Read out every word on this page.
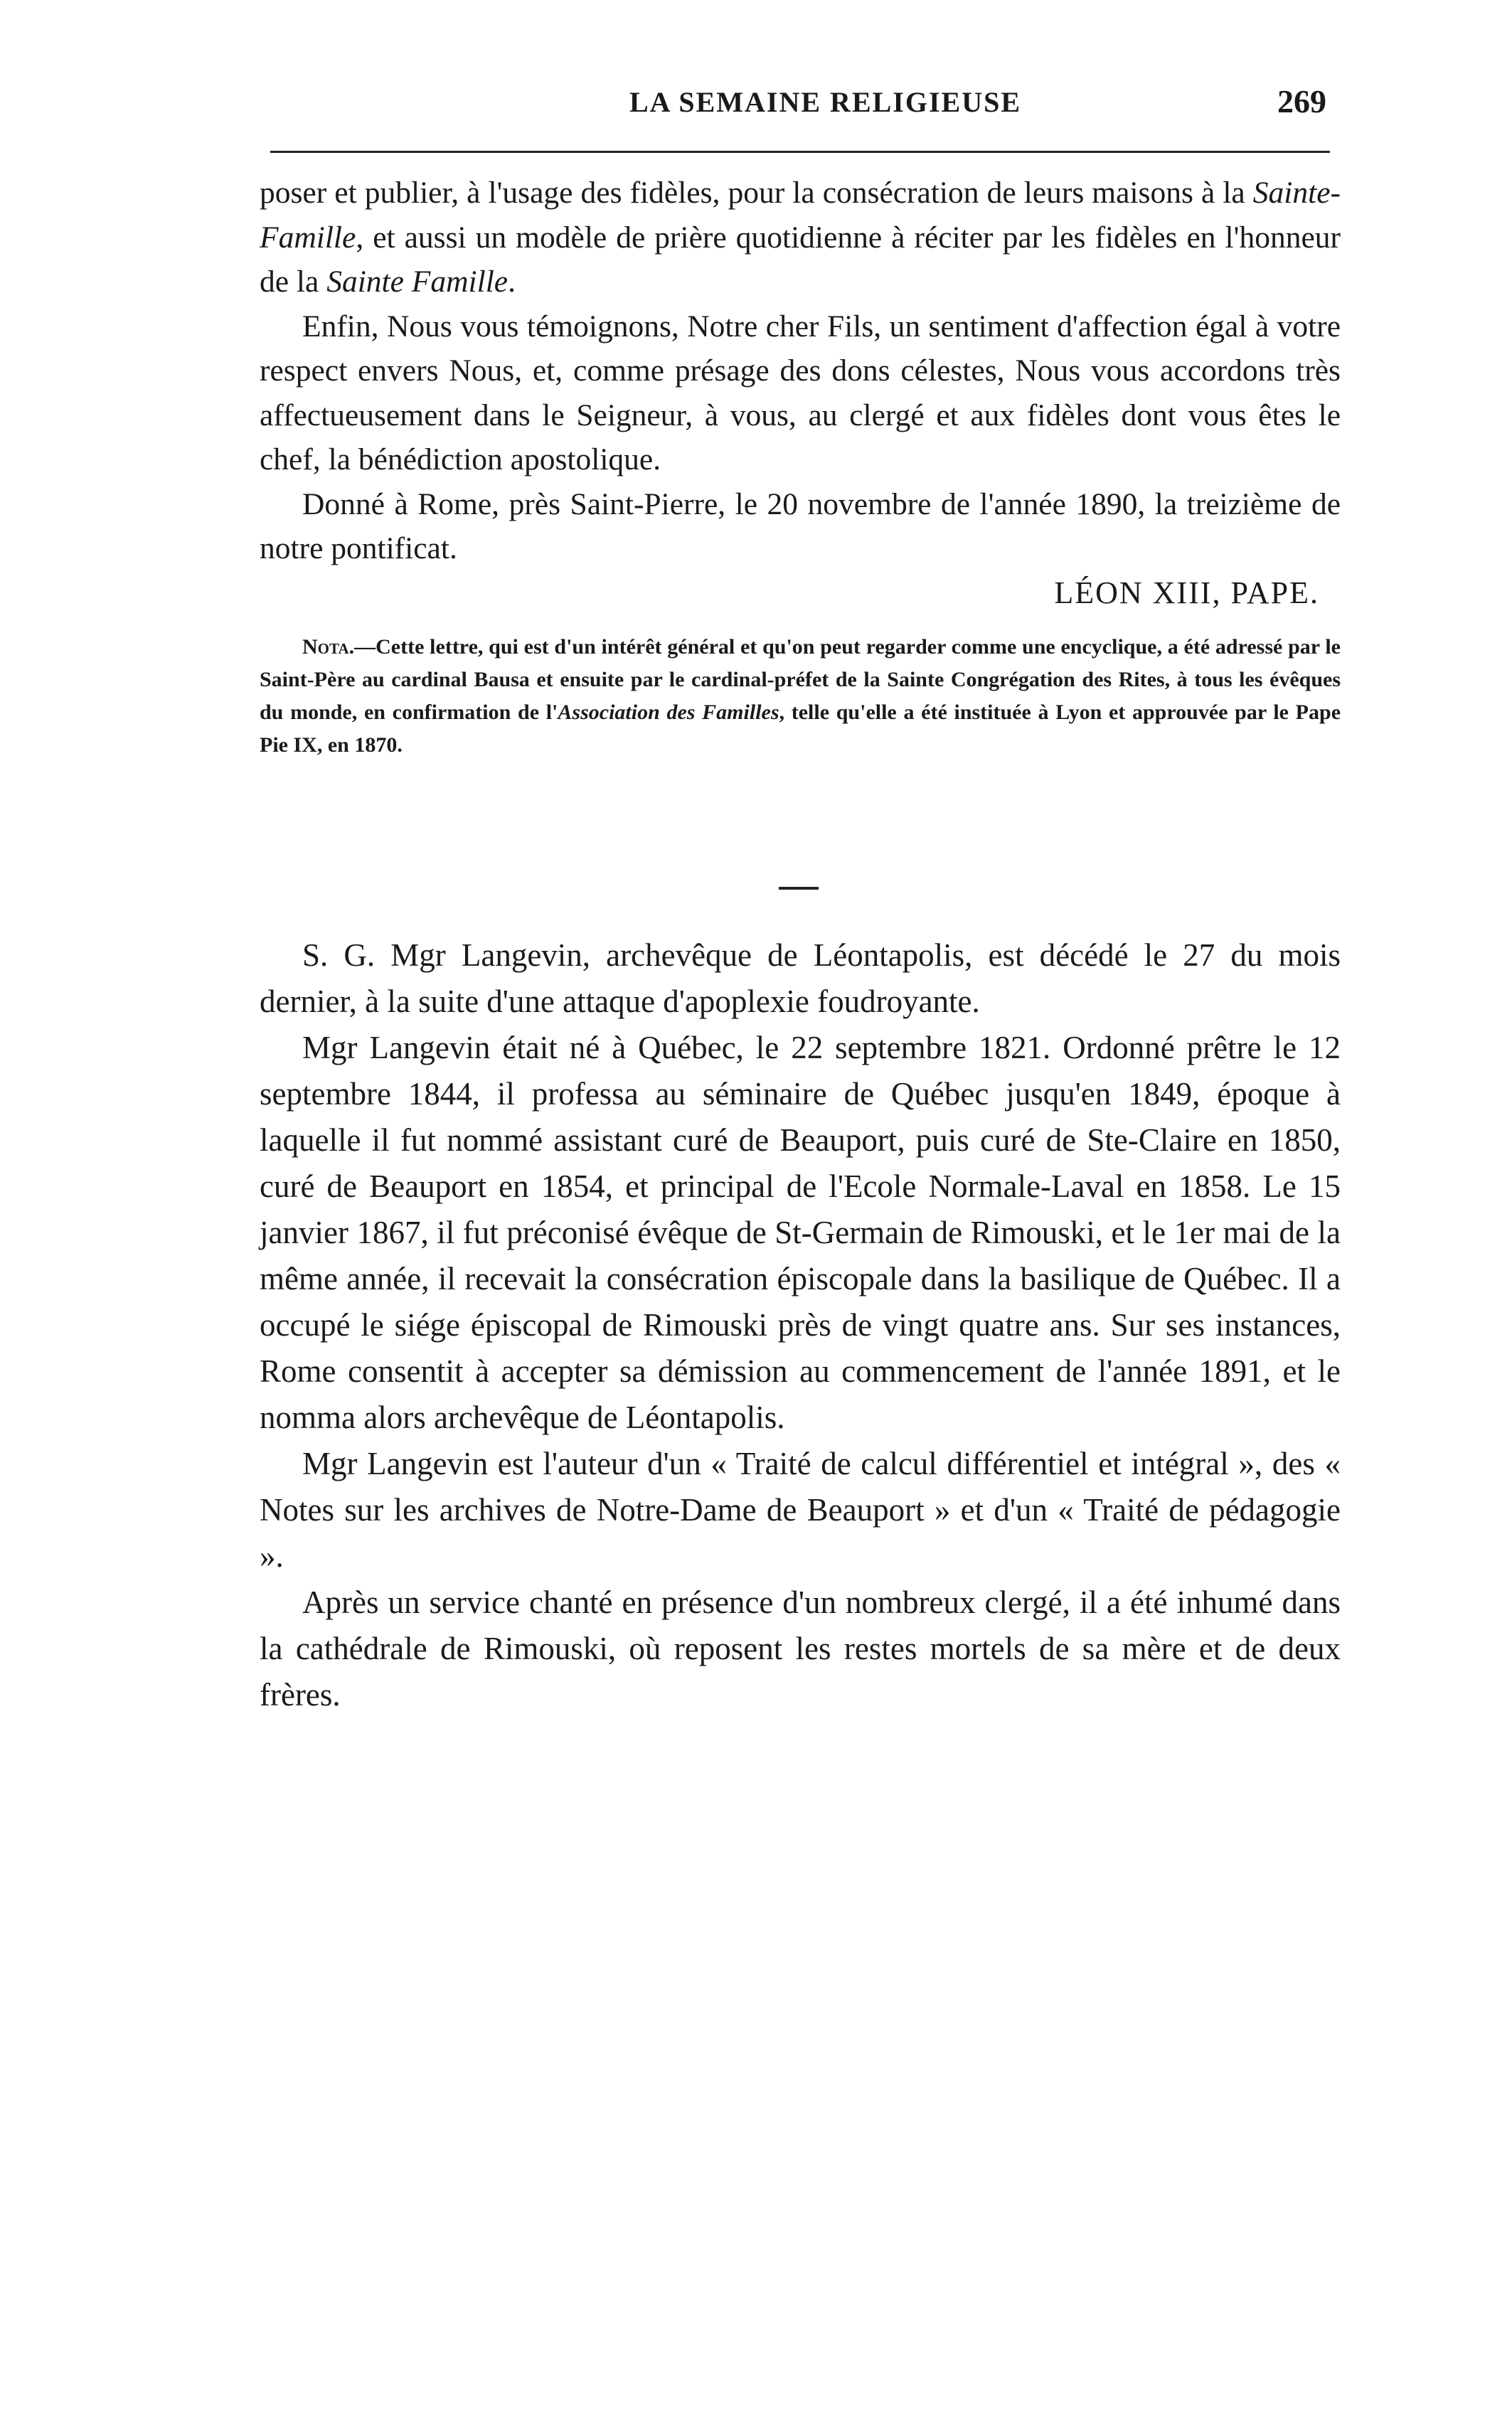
LA SEMAINE RELIGIEUSE	269

poser et publier, à l'usage des fidèles, pour la consécration de leurs maisons à la Sainte-Famille, et aussi un modèle de prière quotidienne à réciter par les fidèles en l'honneur de la Sainte Famille.

Enfin, Nous vous témoignons, Notre cher Fils, un sentiment d'affection égal à votre respect envers Nous, et, comme présage des dons célestes, Nous vous accordons très affectueusement dans le Seigneur, à vous, au clergé et aux fidèles dont vous êtes le chef, la bénédiction apostolique.

Donné à Rome, près Saint-Pierre, le 20 novembre de l'année 1890, la treizième de notre pontificat.

LÉON XIII, PAPE.

Nota.—Cette lettre, qui est d'un intérêt général et qu'on peut regarder comme une encyclique, a été adressé par le Saint-Père au cardinal Bausa et ensuite par le cardinal-préfet de la Sainte Congrégation des Rites, à tous les évêques du monde, en confirmation de l'Association des Familles, telle qu'elle a été instituée à Lyon et approuvée par le Pape Pie IX, en 1870.

S. G. Mgr Langevin, archevêque de Léontapolis, est décédé le 27 du mois dernier, à la suite d'une attaque d'apoplexie foudroyante.

Mgr Langevin était né à Québec, le 22 septembre 1821. Ordonné prêtre le 12 septembre 1844, il professa au séminaire de Québec jusqu'en 1849, époque à laquelle il fut nommé assistant curé de Beauport, puis curé de Ste-Claire en 1850, curé de Beauport en 1854, et principal de l'Ecole Normale-Laval en 1858. Le 15 janvier 1867, il fut préconisé évêque de St-Germain de Rimouski, et le 1er mai de la même année, il recevait la consécration épiscopale dans la basilique de Québec. Il a occupé le siége épiscopal de Rimouski près de vingt quatre ans. Sur ses instances, Rome consentit à accepter sa démission au commencement de l'année 1891, et le nomma alors archevêque de Léontapolis.

Mgr Langevin est l'auteur d'un « Traité de calcul différentiel et intégral », des « Notes sur les archives de Notre-Dame de Beauport » et d'un « Traité de pédagogie ».

Après un service chanté en présence d'un nombreux clergé, il a été inhumé dans la cathédrale de Rimouski, où reposent les restes mortels de sa mère et de deux frères.
